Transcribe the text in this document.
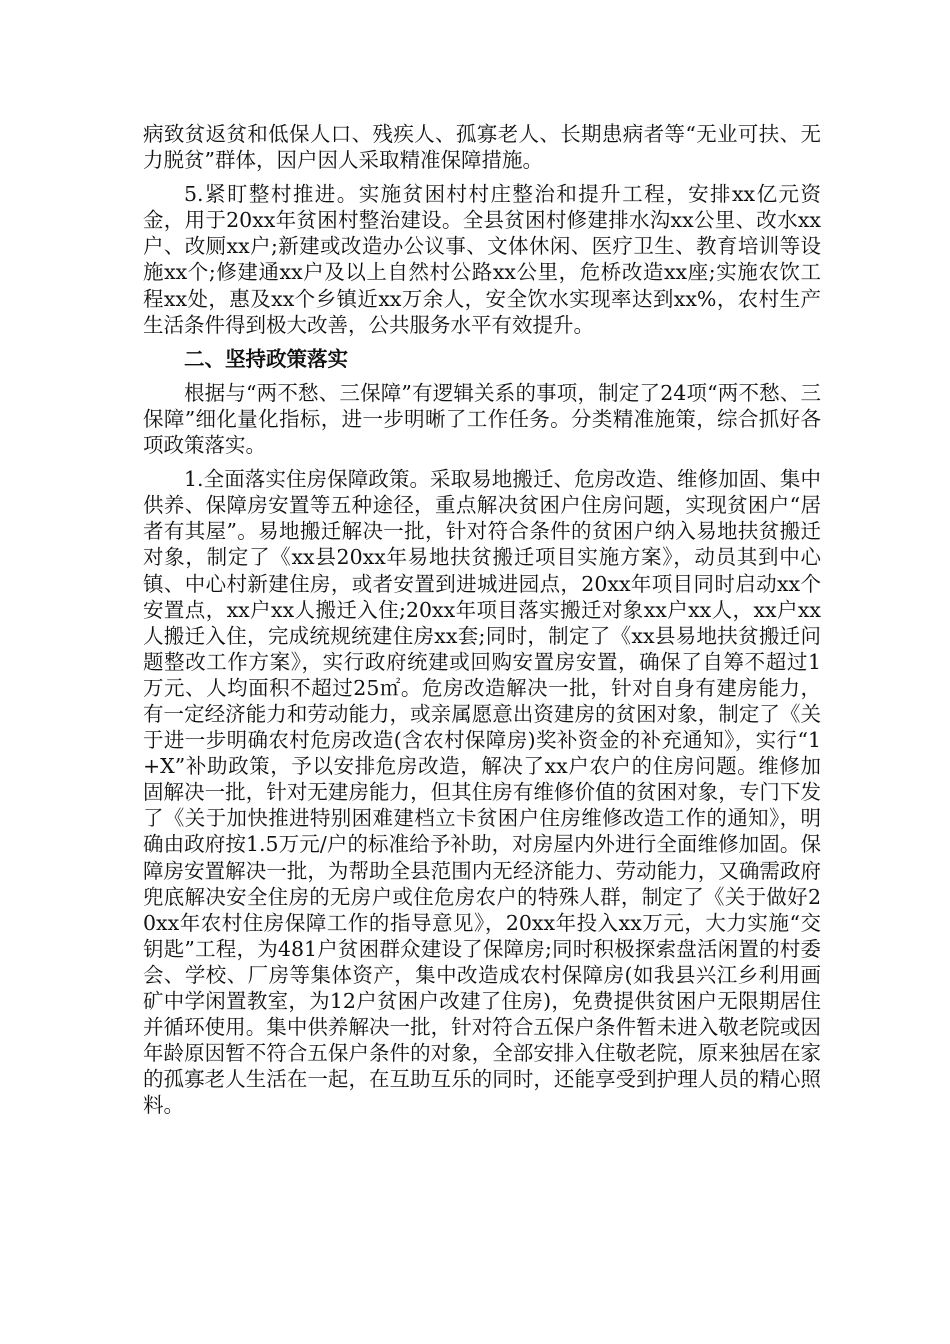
病致贫返贫和低保人口、残疾人、孤寡老人、长期患病者等“无业可扶、无力脱贫”群体，因户因人采取精准保障措施。

5.紧盯整村推进。实施贫困村村庄整治和提升工程，安排xx亿元资金，用于20xx年贫困村整治建设。全县贫困村修建排水沟xx公里、改水xx户、改厕xx户;新建或改造办公议事、文体休闲、医疗卫生、教育培训等设施xx个;修建通xx户及以上自然村公路xx公里，危桥改造xx座;实施农饮工程xx处，惠及xx个乡镇近xx万余人，安全饮水实现率达到xx%，农村生产生活条件得到极大改善，公共服务水平有效提升。

二、坚持政策落实

根据与“两不愁、三保障”有逻辑关系的事项，制定了24项“两不愁、三保障”细化量化指标，进一步明晰了工作任务。分类精准施策，综合抓好各项政策落实。

1.全面落实住房保障政策。采取易地搬迁、危房改造、维修加固、集中供养、保障房安置等五种途径，重点解决贫困户住房问题，实现贫困户“居者有其屋”。易地搬迁解决一批，针对符合条件的贫困户纳入易地扶贫搬迁对象，制定了《xx县20xx年易地扶贫搬迁项目实施方案》，动员其到中心镇、中心村新建住房，或者安置到进城进园点，20xx年项目同时启动xx个安置点，xx户xx人搬迁入住;20xx年项目落实搬迁对象xx户xx人，xx户xx人搬迁入住，完成统规统建住房xx套;同时，制定了《xx县易地扶贫搬迁问题整改工作方案》，实行政府统建或回购安置房安置，确保了自筹不超过1万元、人均面积不超过25㎡。危房改造解决一批，针对自身有建房能力，有一定经济能力和劳动能力，或亲属愿意出资建房的贫困对象，制定了《关于进一步明确农村危房改造(含农村保障房)奖补资金的补充通知》，实行“1+X”补助政策，予以安排危房改造，解决了xx户农户的住房问题。维修加固解决一批，针对无建房能力，但其住房有维修价值的贫困对象，专门下发了《关于加快推进特别困难建档立卡贫困户住房维修改造工作的通知》，明确由政府按1.5万元/户的标准给予补助，对房屋内外进行全面维修加固。保障房安置解决一批，为帮助全县范围内无经济能力、劳动能力，又确需政府兜底解决安全住房的无房户或住危房农户的特殊人群，制定了《关于做好20xx年农村住房保障工作的指导意见》，20xx年投入xx万元，大力实施“交钥匙”工程，为481户贫困群众建设了保障房;同时积极探索盘活闲置的村委会、学校、厂房等集体资产，集中改造成农村保障房(如我县兴江乡利用画矿中学闲置教室，为12户贫困户改建了住房)，免费提供贫困户无限期居住并循环使用。集中供养解决一批，针对符合五保户条件暂未进入敬老院或因年龄原因暂不符合五保户条件的对象，全部安排入住敬老院，原来独居在家的孤寡老人生活在一起，在互助互乐的同时，还能享受到护理人员的精心照料。
